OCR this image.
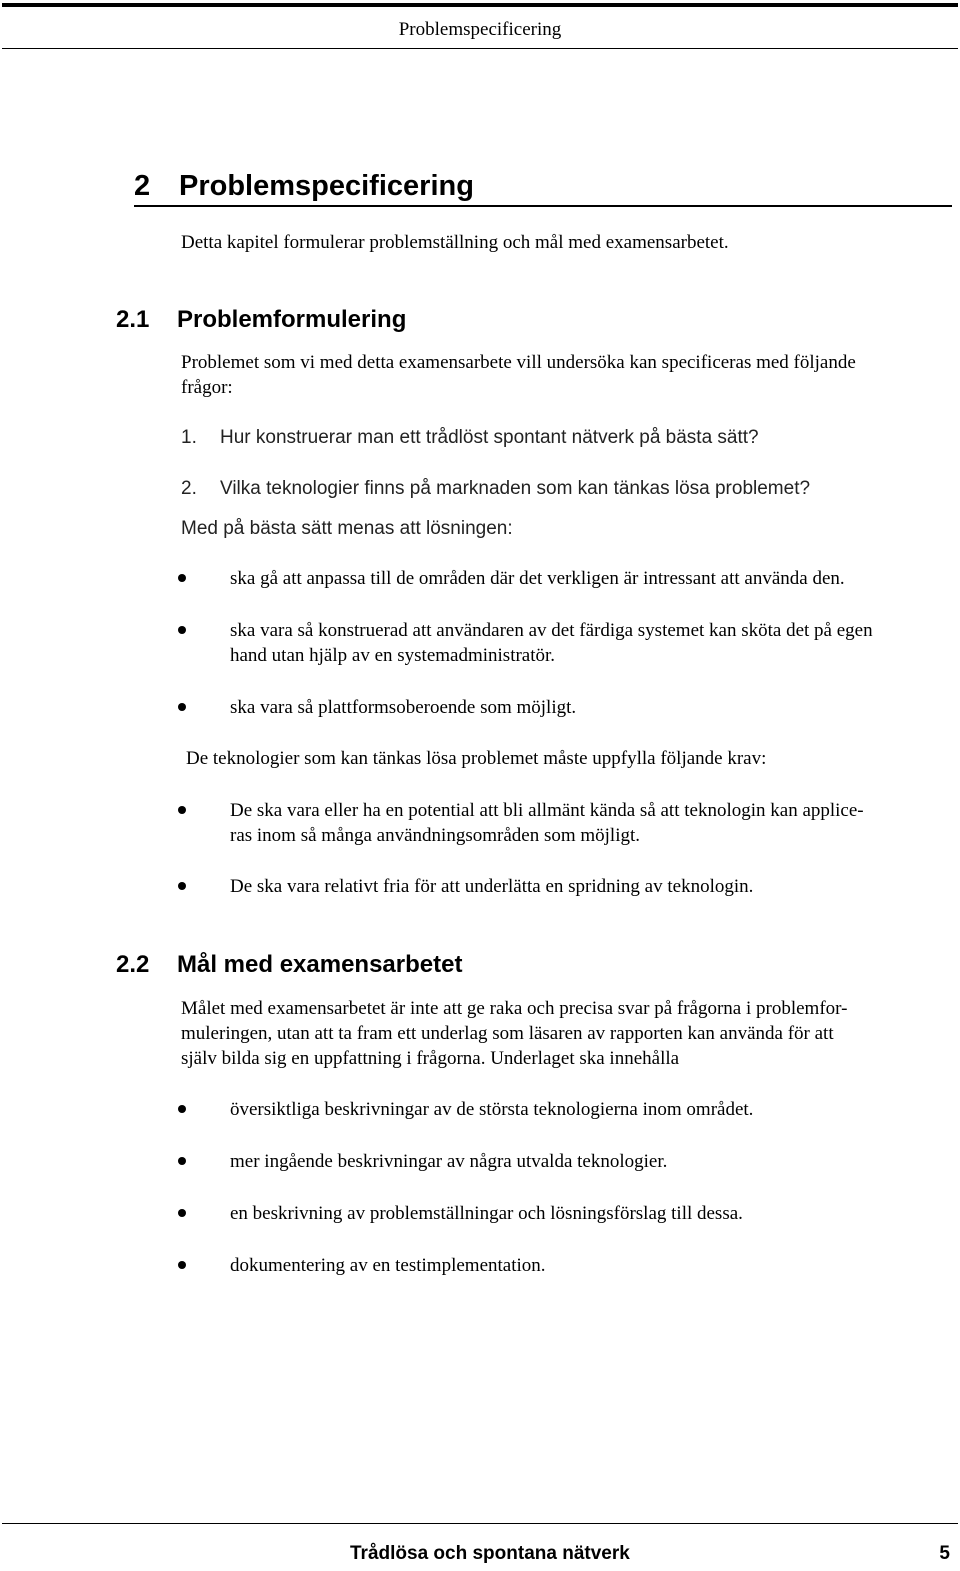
Problemspecificering
2 Problemspecificering
Detta kapitel formulerar problemställning och mål med examensarbetet.
2.1 Problemformulering
Problemet som vi med detta examensarbete vill undersöka kan specificeras med följande
frågor:
1. Hur konstruerar man ett trådlöst spontant nätverk på bästa sätt?
2. Vilka teknologier finns på marknaden som kan tänkas lösa problemet?
Med på bästa sätt menas att lösningen:
ska gå att anpassa till de områden där det verkligen är intressant att använda den.
ska vara så konstruerad att användaren av det färdiga systemet kan sköta det på egen
hand utan hjälp av en systemadministratör.
ska vara så plattformsoberoende som möjligt.
De teknologier som kan tänkas lösa problemet måste uppfylla följande krav:
De ska vara eller ha en potential att bli allmänt kända så att teknologin kan applice-
ras inom så många användningsområden som möjligt.
De ska vara relativt fria för att underlätta en spridning av teknologin.
2.2 Mål med examensarbetet
Målet med examensarbetet är inte att ge raka och precisa svar på frågorna i problemfor-
muleringen, utan att ta fram ett underlag som läsaren av rapporten kan använda för att
själv bilda sig en uppfattning i frågorna. Underlaget ska innehålla
översiktliga beskrivningar av de största teknologierna inom området.
mer ingående beskrivningar av några utvalda teknologier.
en beskrivning av problemställningar och lösningsförslag till dessa.
dokumentering av en testimplementation.
Trådlösa och spontana nätverk	5
